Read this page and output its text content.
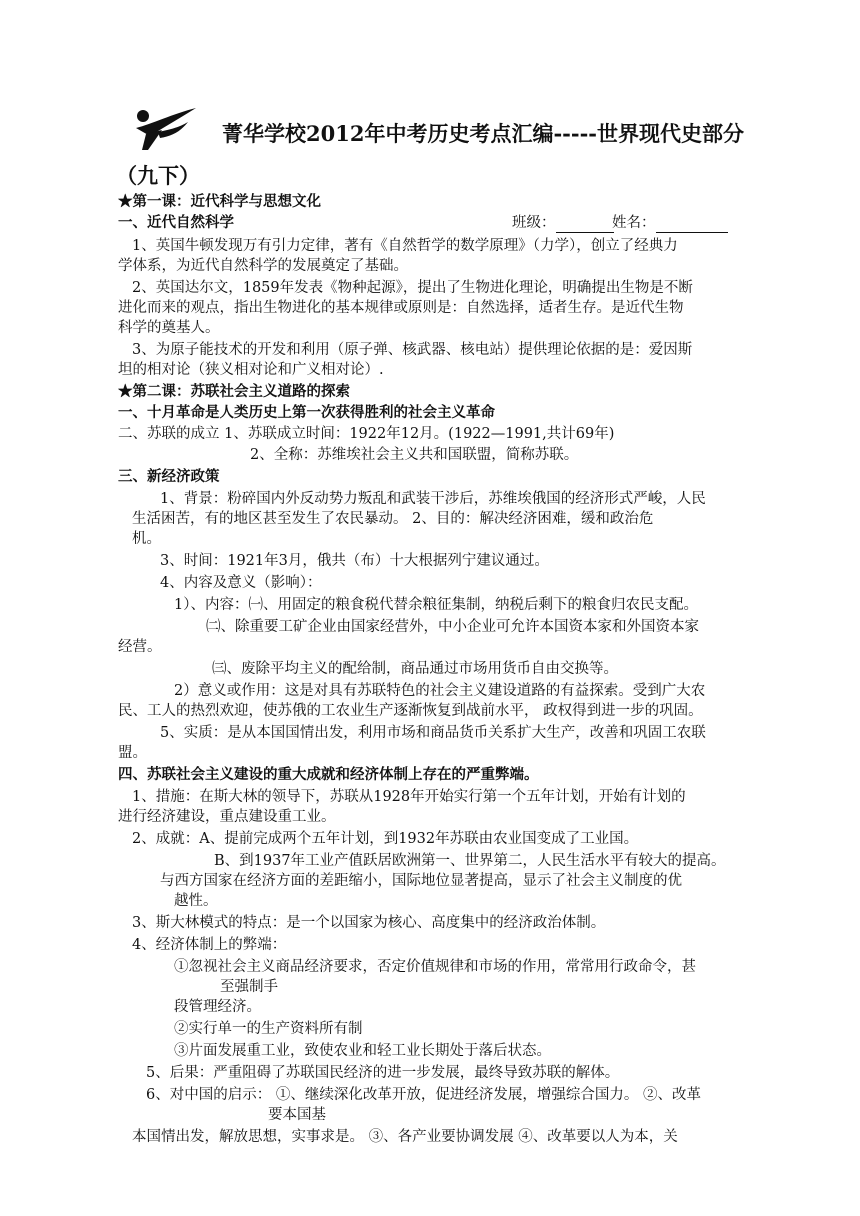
菁华学校2012年中考历史考点汇编-----世界现代史部分
（九下）
★第一课：近代科学与思想文化
一、近代自然科学	班级：	姓名：
1、英国牛顿发现万有引力定律，著有《自然哲学的数学原理》（力学），创立了经典力
学体系，为近代自然科学的发展奠定了基础。
2、英国达尔文，1859年发表《物种起源》，提出了生物进化理论，明确提出生物是不断
进化而来的观点，指出生物进化的基本规律或原则是：自然选择，适者生存。是近代生物
科学的奠基人。
3、为原子能技术的开发和利用（原子弹、核武器、核电站）提供理论依据的是：爱因斯
坦的相对论（狭义相对论和广义相对论）.
★第二课：苏联社会主义道路的探索
一、十月革命是人类历史上第一次获得胜利的社会主义革命
二、苏联的成立 1、苏联成立时间：1922年12月。(1922—1991,共计69年)
2、全称：苏维埃社会主义共和国联盟，简称苏联。
三、新经济政策
1、背景：粉碎国内外反动势力叛乱和武装干涉后，苏维埃俄国的经济形式严峻，人民
生活困苦，有的地区甚至发生了农民暴动。 2、目的：解决经济困难，缓和政治危
机。
3、时间：1921年3月，俄共（布）十大根据列宁建议通过。
4、内容及意义（影响）：
1）、内容：㈠、用固定的粮食税代替余粮征集制，纳税后剩下的粮食归农民支配。
㈡、除重要工矿企业由国家经营外，中小企业可允许本国资本家和外国资本家
经营。
㈢、废除平均主义的配给制，商品通过市场用货币自由交换等。
2）意义或作用：这是对具有苏联特色的社会主义建设道路的有益探索。受到广大农
民、工人的热烈欢迎，使苏俄的工农业生产逐渐恢复到战前水平， 政权得到进一步的巩固。
5、实质：是从本国国情出发，利用市场和商品货币关系扩大生产，改善和巩固工农联
盟。
四、苏联社会主义建设的重大成就和经济体制上存在的严重弊端。
1、措施：在斯大林的领导下，苏联从1928年开始实行第一个五年计划，开始有计划的
进行经济建设，重点建设重工业。
2、成就：A、提前完成两个五年计划，到1932年苏联由农业国变成了工业国。
B、到1937年工业产值跃居欧洲第一、世界第二，人民生活水平有较大的提高。
与西方国家在经济方面的差距缩小，国际地位显著提高，显示了社会主义制度的优
越性。
3、斯大林模式的特点：是一个以国家为核心、高度集中的经济政治体制。
4、经济体制上的弊端：
①忽视社会主义商品经济要求，否定价值规律和市场的作用，常常用行政命令，甚
至强制手
段管理经济。
②实行单一的生产资料所有制
③片面发展重工业，致使农业和轻工业长期处于落后状态。
5、后果：严重阻碍了苏联国民经济的进一步发展，最终导致苏联的解体。
6、对中国的启示： ①、继续深化改革开放，促进经济发展，增强综合国力。 ②、改革
要本国基
本国情出发，解放思想，实事求是。 ③、各产业要协调发展 ④、改革要以人为本，关
